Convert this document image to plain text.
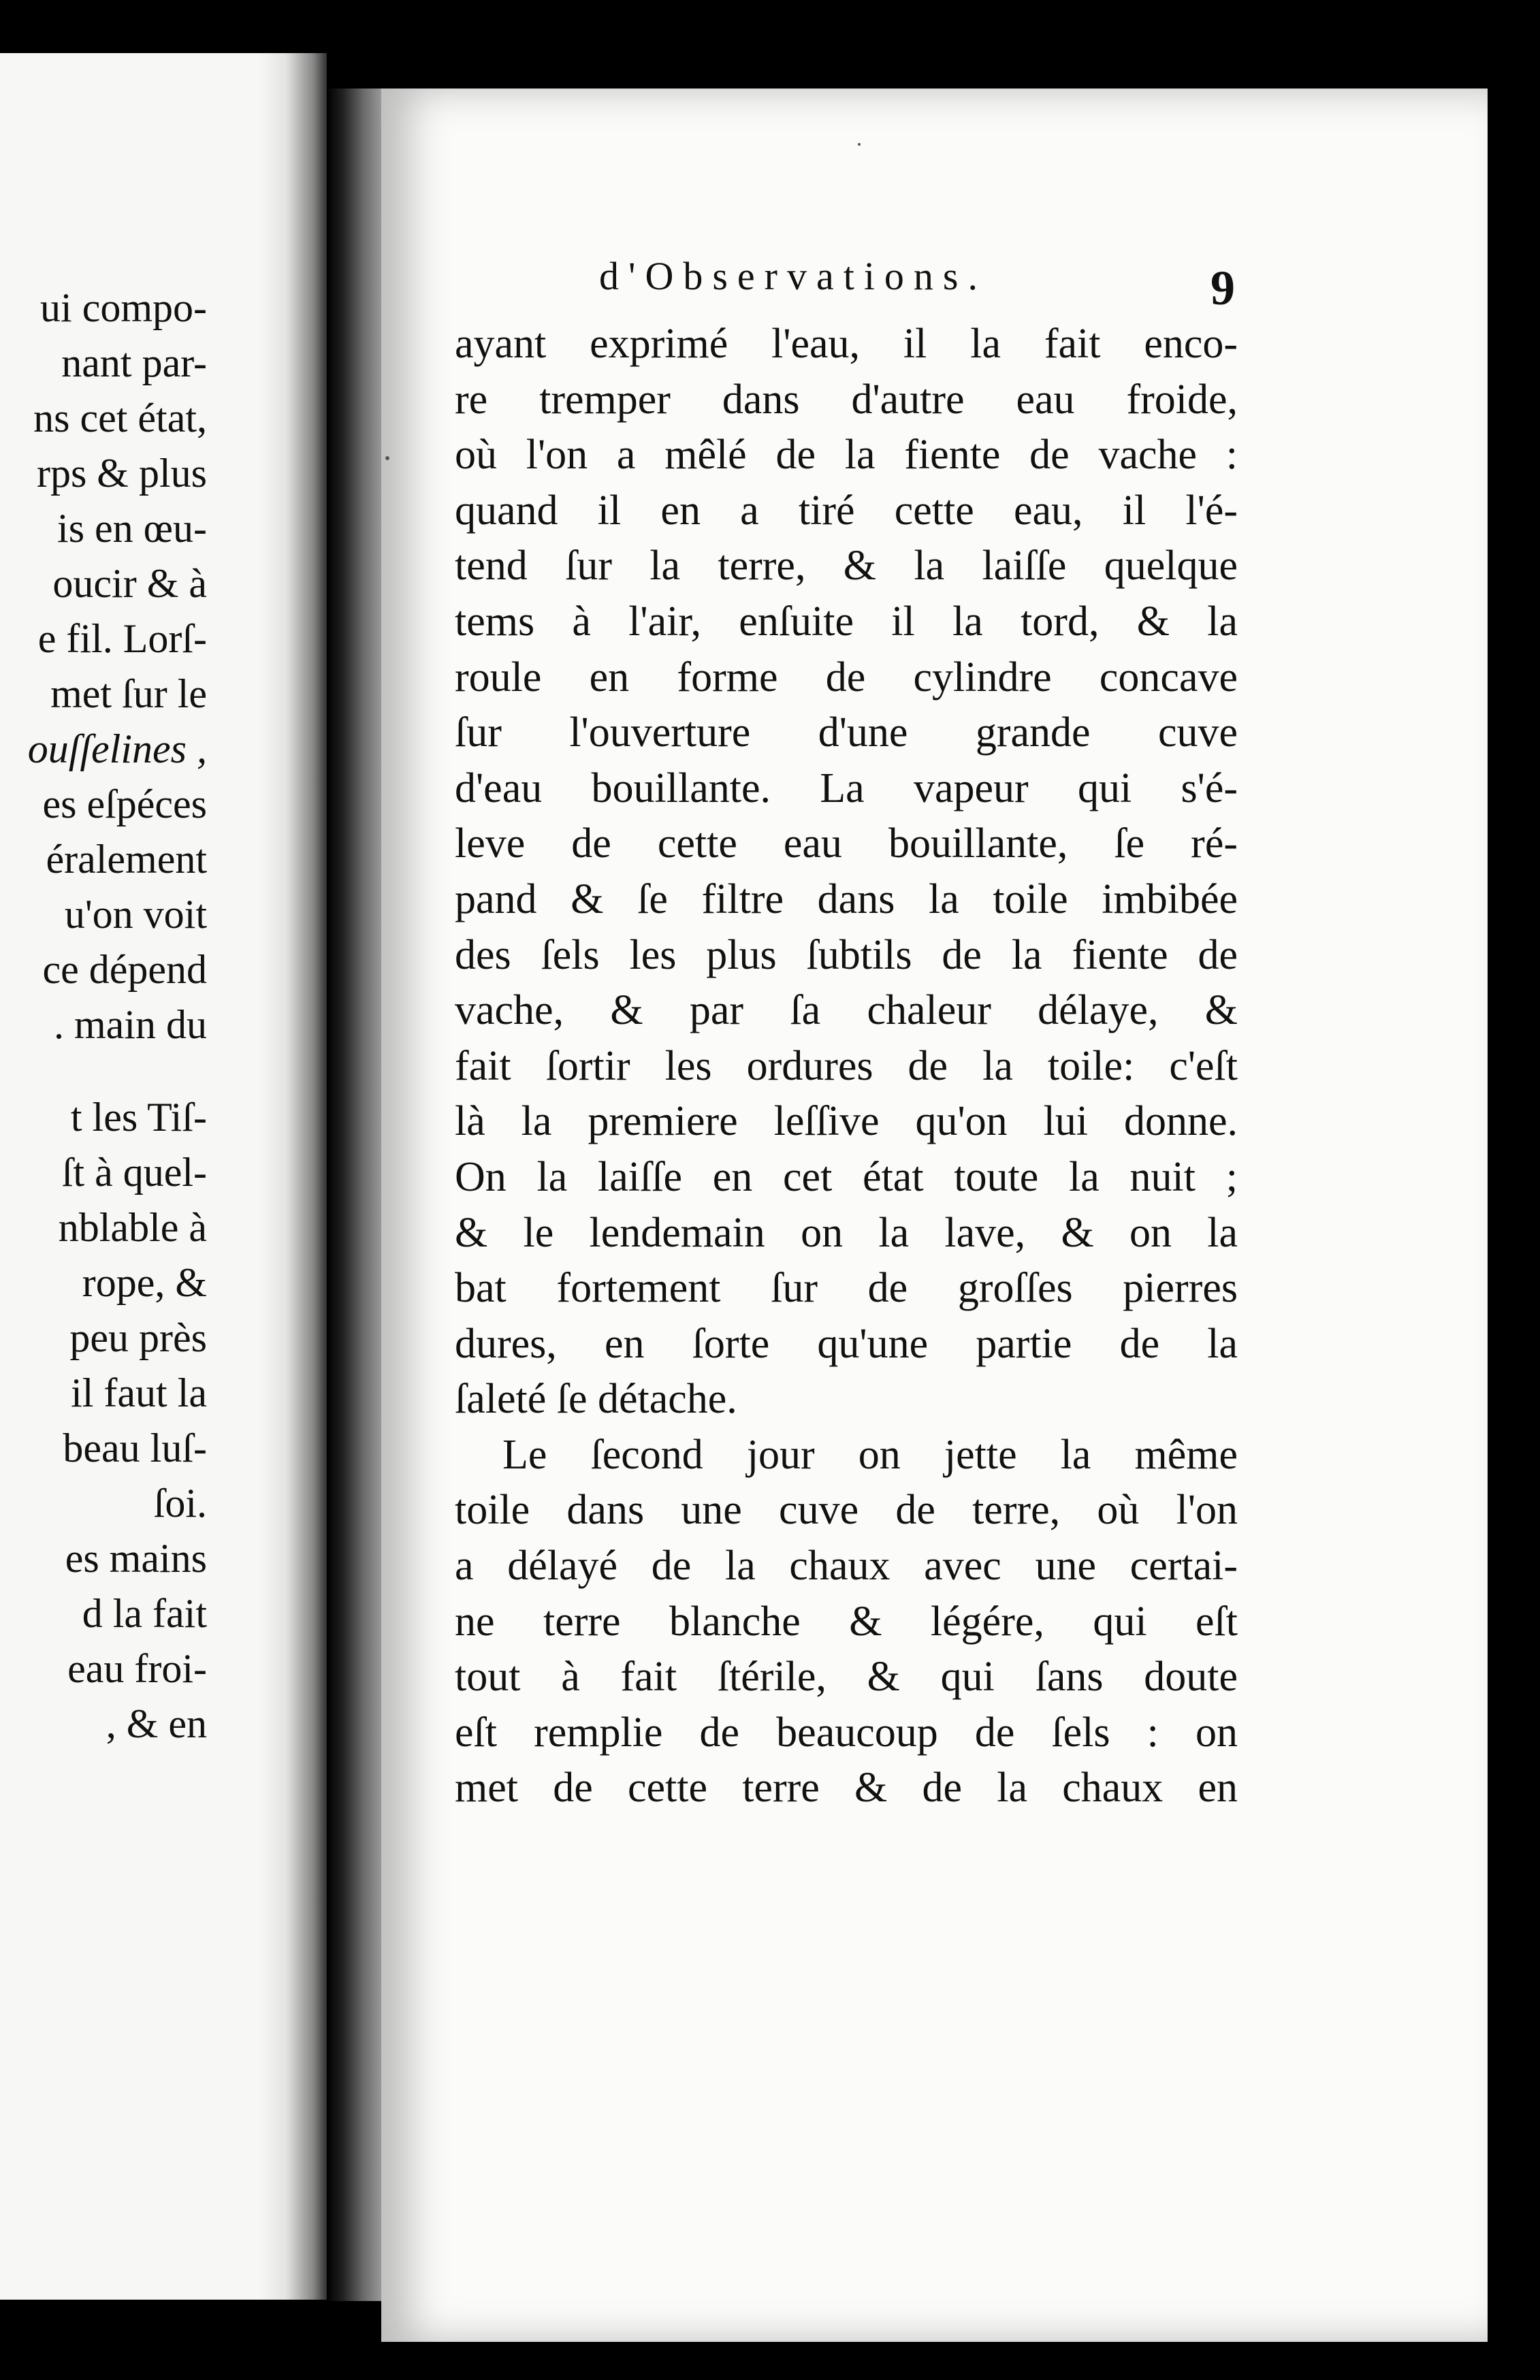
ui compo-
nant par-
ns cet état,
rps & plus
is en œu-
oucir & à
e fil. Lorſ-
met ſur le
ouſſelines ,
es eſpéces
éralement
u'on voit
ce dépend
. main du
t les Tiſ-
ſt à quel-
nblable à
rope, &
peu près
il faut la
beau luſ-
ſoi.
es mains
d la fait
eau froi-
, & en
d'Observations.	9
ayant exprimé l'eau, il la fait enco-
re tremper dans d'autre eau froide,
où l'on a mêlé de la fiente de vache :
quand il en a tiré cette eau, il l'é-
tend ſur la terre, & la laiſſe quelque
tems à l'air, enſuite il la tord, & la
roule en forme de cylindre concave
ſur l'ouverture d'une grande cuve
d'eau bouillante. La vapeur qui s'é-
leve de cette eau bouillante, ſe ré-
pand & ſe filtre dans la toile imbibée
des ſels les plus ſubtils de la fiente de
vache, & par ſa chaleur délaye, &
fait ſortir les ordures de la toile: c'eſt
là la premiere leſſive qu'on lui donne.
On la laiſſe en cet état toute la nuit ;
& le lendemain on la lave, & on la
bat fortement ſur de groſſes pierres
dures, en ſorte qu'une partie de la
ſaleté ſe détache.
Le ſecond jour on jette la même
toile dans une cuve de terre, où l'on
a délayé de la chaux avec une certai-
ne terre blanche & légére, qui eſt
tout à fait ſtérile, & qui ſans doute
eſt remplie de beaucoup de ſels : on
met de cette terre & de la chaux en
